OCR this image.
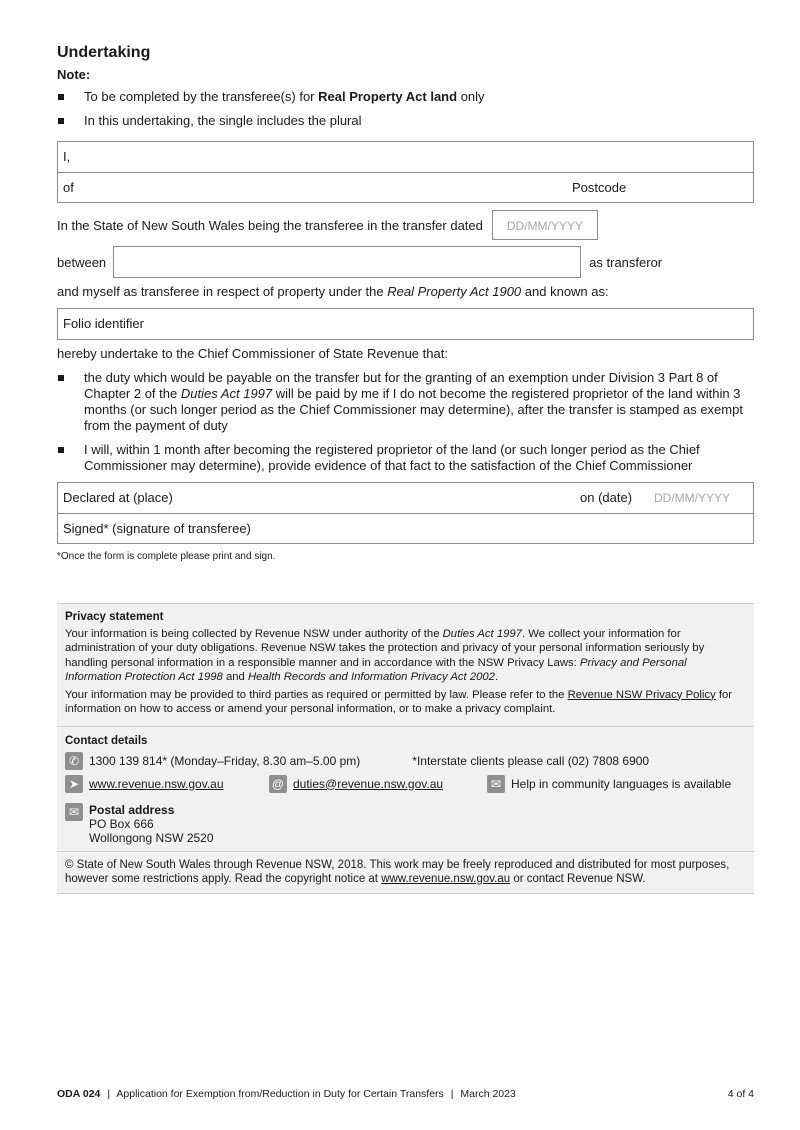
Undertaking
Note:
To be completed by the transferee(s) for Real Property Act land only
In this undertaking, the single includes the plural
I,
of	Postcode
In the State of New South Wales being the transferee in the transfer dated	DD/MM/YYYY
between	as transferor
and myself as transferee in respect of property under the Real Property Act 1900 and known as:
Folio identifier
hereby undertake to the Chief Commissioner of State Revenue that:
the duty which would be payable on the transfer but for the granting of an exemption under Division 3 Part 8 of Chapter 2 of the Duties Act 1997 will be paid by me if I do not become the registered proprietor of the land within 3 months (or such longer period as the Chief Commissioner may determine), after the transfer is stamped as exempt from the payment of duty
I will, within 1 month after becoming the registered proprietor of the land (or such longer period as the Chief Commissioner may determine), provide evidence of that fact to the satisfaction of the Chief Commissioner
Declared at (place)	on (date) DD/MM/YYYY
Signed* (signature of transferee)
*Once the form is complete please print and sign.
Privacy statement

Your information is being collected by Revenue NSW under authority of the Duties Act 1997. We collect your information for administration of your duty obligations. Revenue NSW takes the protection and privacy of your personal information seriously by handling personal information in a responsible manner and in accordance with the NSW Privacy Laws: Privacy and Personal Information Protection Act 1998 and Health Records and Information Privacy Act 2002.

Your information may be provided to third parties as required or permitted by law. Please refer to the Revenue NSW Privacy Policy for information on how to access or amend your personal information, or to make a privacy complaint.

Contact details
✆ 1300 139 814* (Monday–Friday, 8.30 am–5.00 pm)	*Interstate clients please call (02) 7808 6900
➤ www.revenue.nsw.gov.au	@ duties@revenue.nsw.gov.au	✉ Help in community languages is available
✉ Postal address
PO Box 666
Wollongong NSW 2520
© State of New South Wales through Revenue NSW, 2018. This work may be freely reproduced and distributed for most purposes, however some restrictions apply. Read the copyright notice at www.revenue.nsw.gov.au or contact Revenue NSW.
ODA 024 | Application for Exemption from/Reduction in Duty for Certain Transfers | March 2023	4 of 4
